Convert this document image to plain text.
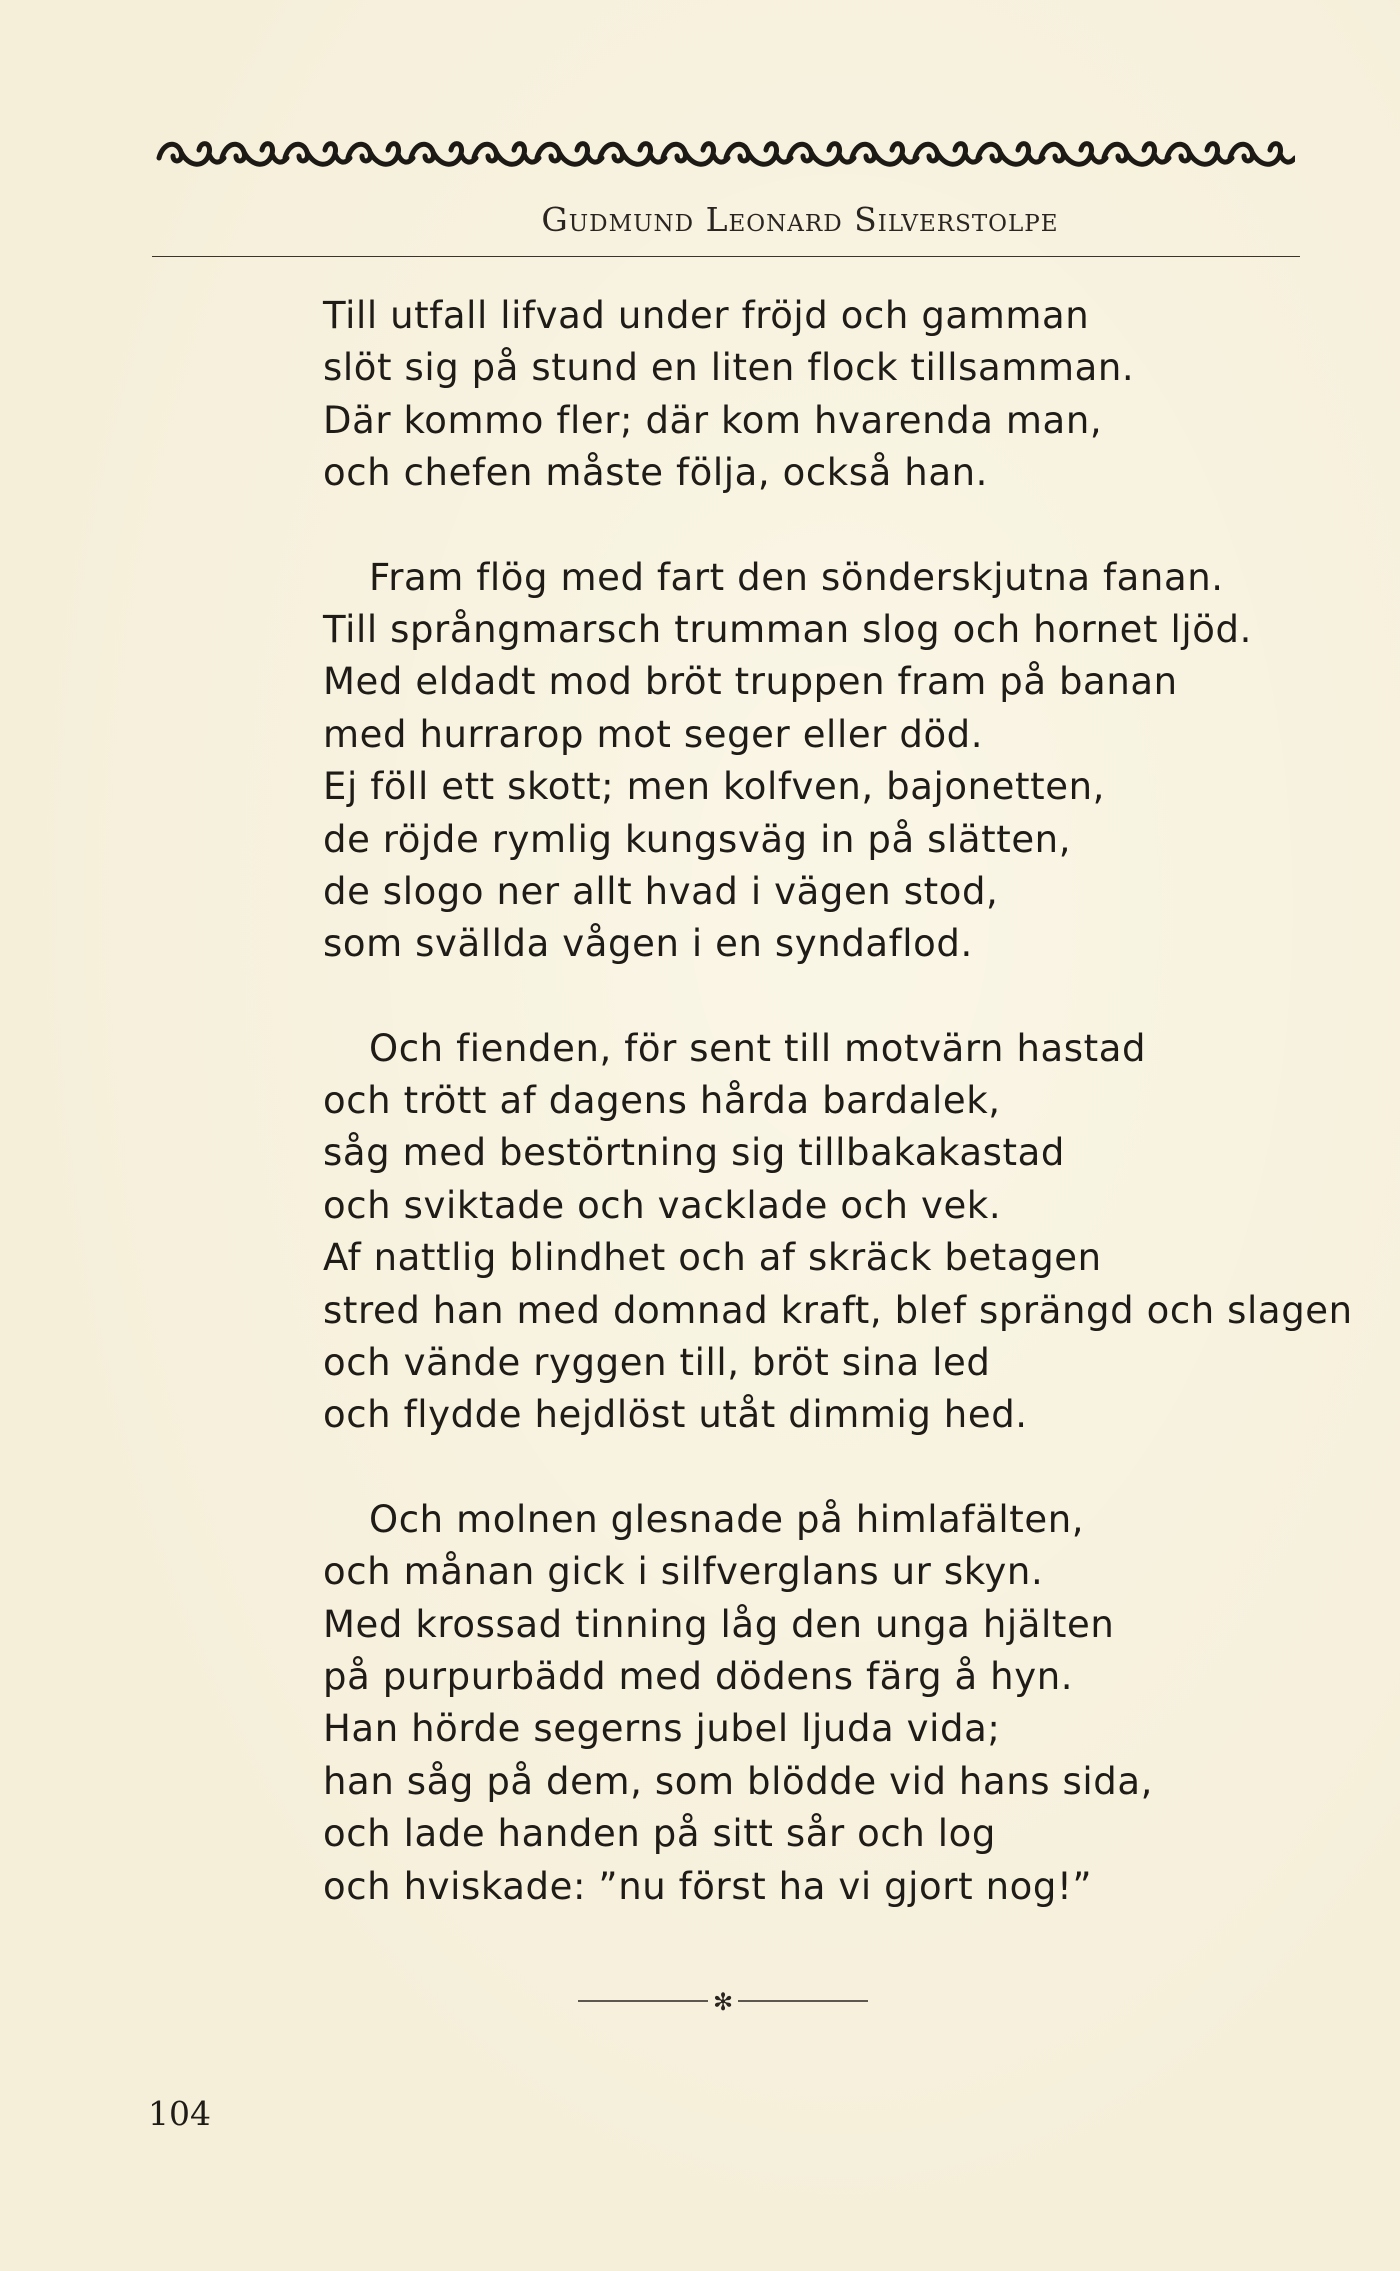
Gudmund Leonard Silverstolpe
Till utfall lifvad under fröjd och gamman
slöt sig på stund en liten flock tillsamman.
Där kommo fler; där kom hvarenda man,
och chefen måste följa, också han.
Fram flög med fart den sönderskjutna fanan.
Till språngmarsch trumman slog och hornet ljöd.
Med eldadt mod bröt truppen fram på banan
med hurrarop mot seger eller död.
Ej föll ett skott; men kolfven, bajonetten,
de röjde rymlig kungsväg in på slätten,
de slogo ner allt hvad i vägen stod,
som svällda vågen i en syndaflod.
Och fienden, för sent till motvärn hastad
och trött af dagens hårda bardalek,
såg med bestörtning sig tillbakakastad
och sviktade och vacklade och vek.
Af nattlig blindhet och af skräck betagen
stred han med domnad kraft, blef sprängd och slagen
och vände ryggen till, bröt sina led
och flydde hejdlöst utåt dimmig hed.
Och molnen glesnade på himlafälten,
och månan gick i silfverglans ur skyn.
Med krossad tinning låg den unga hjälten
på purpurbädd med dödens färg å hyn.
Han hörde segerns jubel ljuda vida;
han såg på dem, som blödde vid hans sida,
och lade handen på sitt sår och log
och hviskade: ”nu först ha vi gjort nog!”
✻
104
